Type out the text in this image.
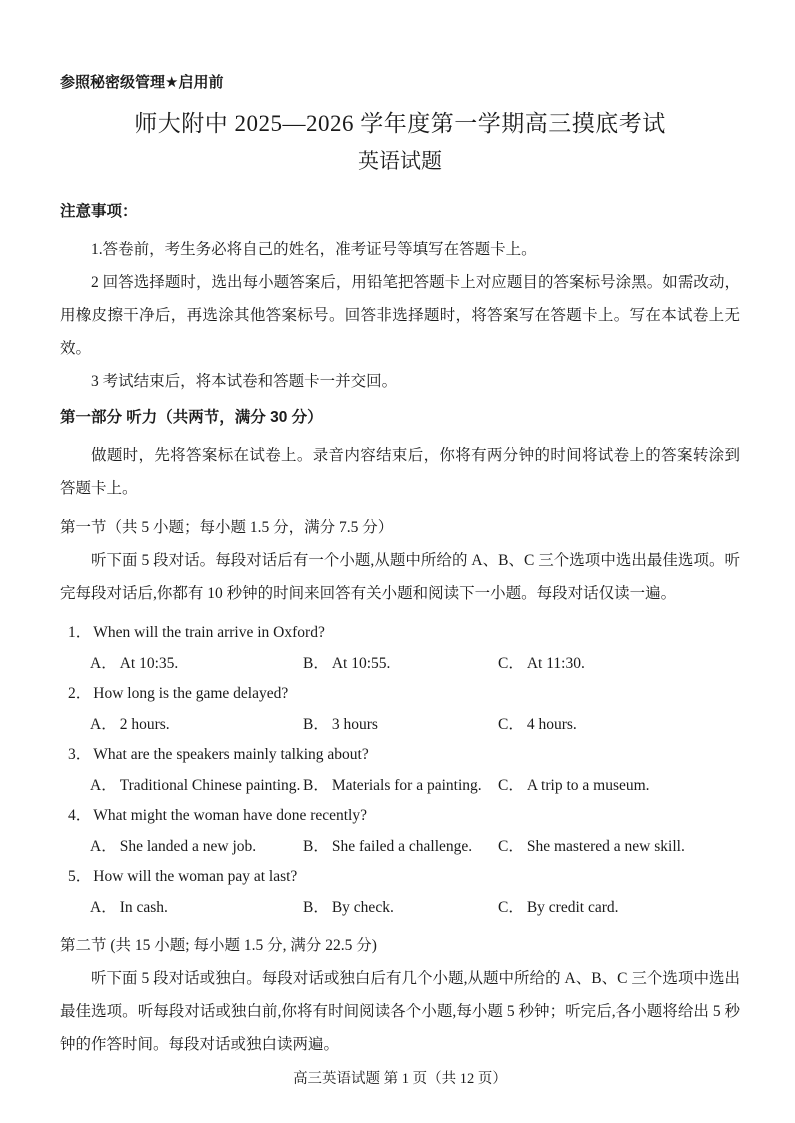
参照秘密级管理★启用前
师大附中 2025—2026 学年度第一学期高三摸底考试
英语试题
注意事项：

1.答卷前，考生务必将自己的姓名，准考证号等填写在答题卡上。

2 回答选择题时，选出每小题答案后，用铅笔把答题卡上对应题目的答案标号涂黑。如需改动，用橡皮擦干净后，再选涂其他答案标号。回答非选择题时，将答案写在答题卡上。写在本试卷上无效。

3 考试结束后，将本试卷和答题卡一并交回。

第一部分 听力（共两节，满分 30 分）

做题时，先将答案标在试卷上。录音内容结束后，你将有两分钟的时间将试卷上的答案转涂到答题卡上。

第一节（共 5 小题；每小题 1.5 分，满分 7.5 分）

听下面 5 段对话。每段对话后有一个小题,从题中所给的 A、B、C 三个选项中选出最佳选项。听完每段对话后,你都有 10 秒钟的时间来回答有关小题和阅读下一小题。每段对话仅读一遍。

1． When will the train arrive in Oxford?
A． At 10:35.	B． At 10:55.	C． At 11:30.
2． How long is the game delayed?
A． 2 hours.	B． 3 hours	C． 4 hours.
3． What are the speakers mainly talking about?
A． Traditional Chinese painting. B． Materials for a painting.	C． A trip to a museum.
4． What might the woman have done recently?
A． She landed a new job.	B． She failed a challenge.	C． She mastered a new skill.
5． How will the woman pay at last?
A． In cash.	B． By check.	C． By credit card.
第二节 (共 15 小题; 每小题 1.5 分, 满分 22.5 分)

听下面 5 段对话或独白。每段对话或独白后有几个小题,从题中所给的 A、B、C 三个选项中选出最佳选项。听每段对话或独白前,你将有时间阅读各个小题,每小题 5 秒钟；听完后,各小题将给出 5 秒钟的作答时间。每段对话或独白读两遍。

高三英语试题 第 1 页（共 12 页）
